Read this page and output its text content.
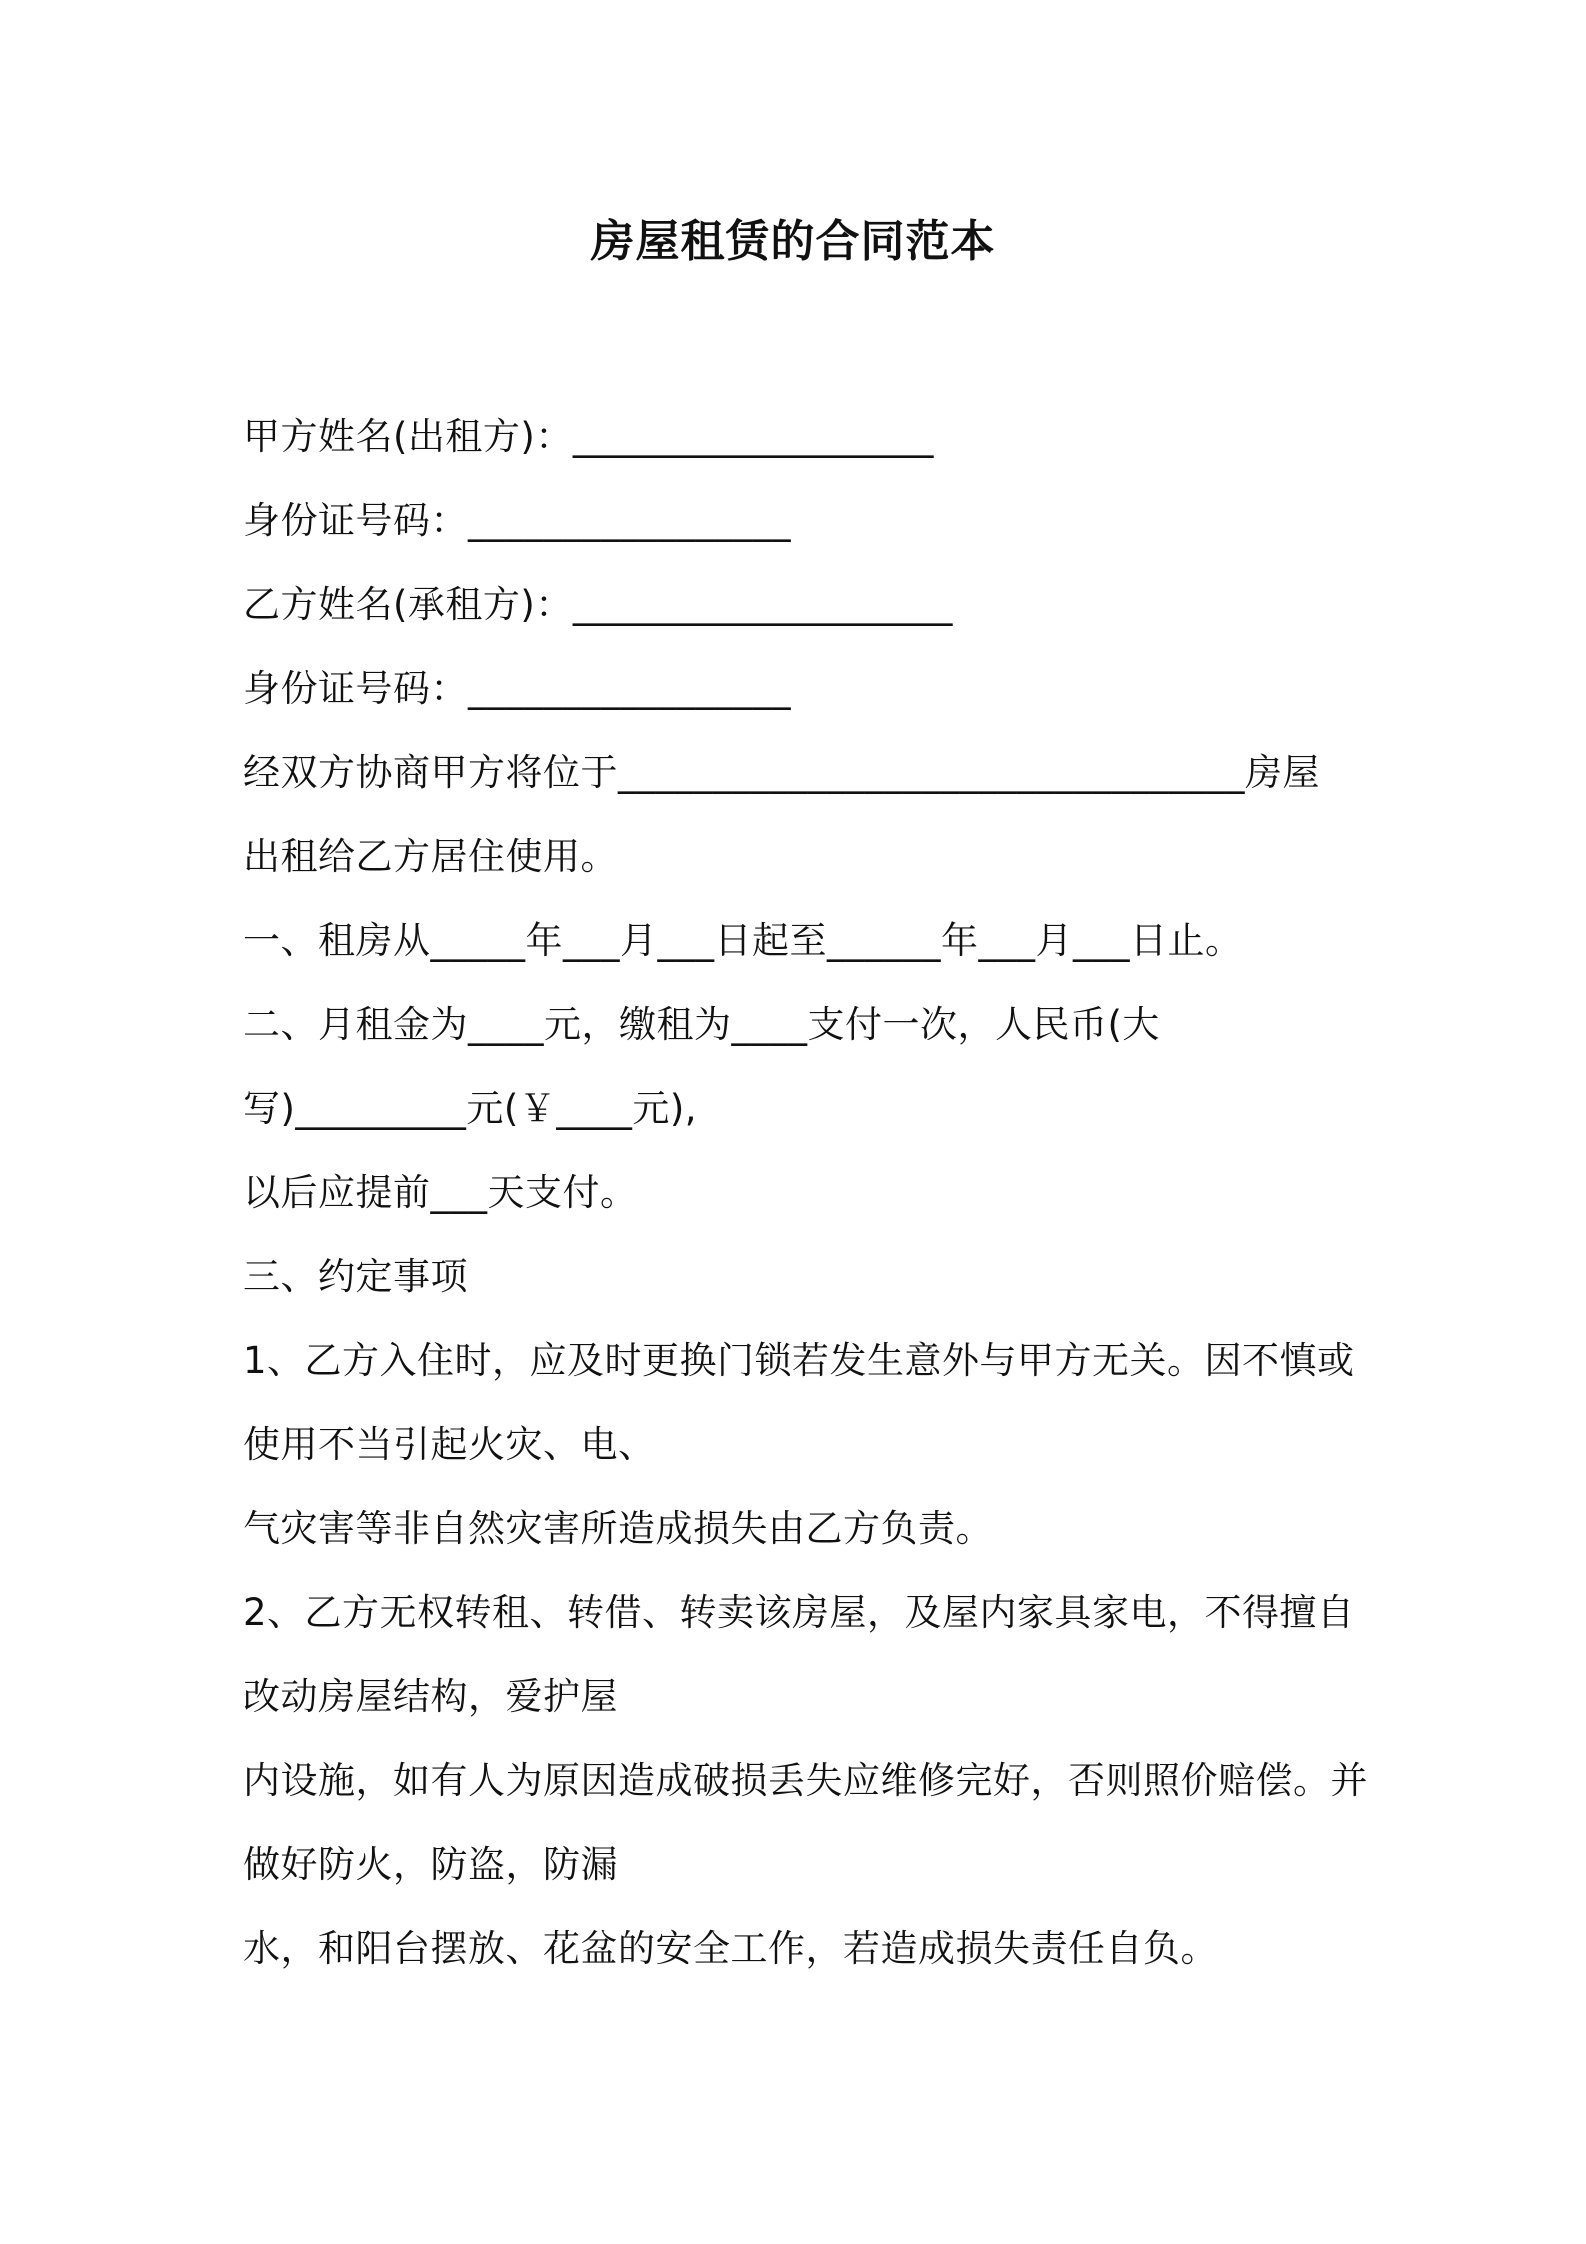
房屋租赁的合同范本
甲方姓名(出租方)：___________________
身份证号码：_________________
乙方姓名(承租方)：____________________
身份证号码：_________________
经双方协商甲方将位于_________________________________房屋
出租给乙方居住使用。
一、租房从_____年___月___日起至______年___月___日止。
二、月租金为____元，缴租为____支付一次，人民币(大
写)_________元(￥____元),
以后应提前___天支付。
三、约定事项
1、乙方入住时，应及时更换门锁若发生意外与甲方无关。因不慎或
使用不当引起火灾、电、
气灾害等非自然灾害所造成损失由乙方负责。
2、乙方无权转租、转借、转卖该房屋，及屋内家具家电，不得擅自
改动房屋结构，爱护屋
内设施，如有人为原因造成破损丢失应维修完好，否则照价赔偿。并
做好防火，防盗，防漏
水，和阳台摆放、花盆的安全工作，若造成损失责任自负。
